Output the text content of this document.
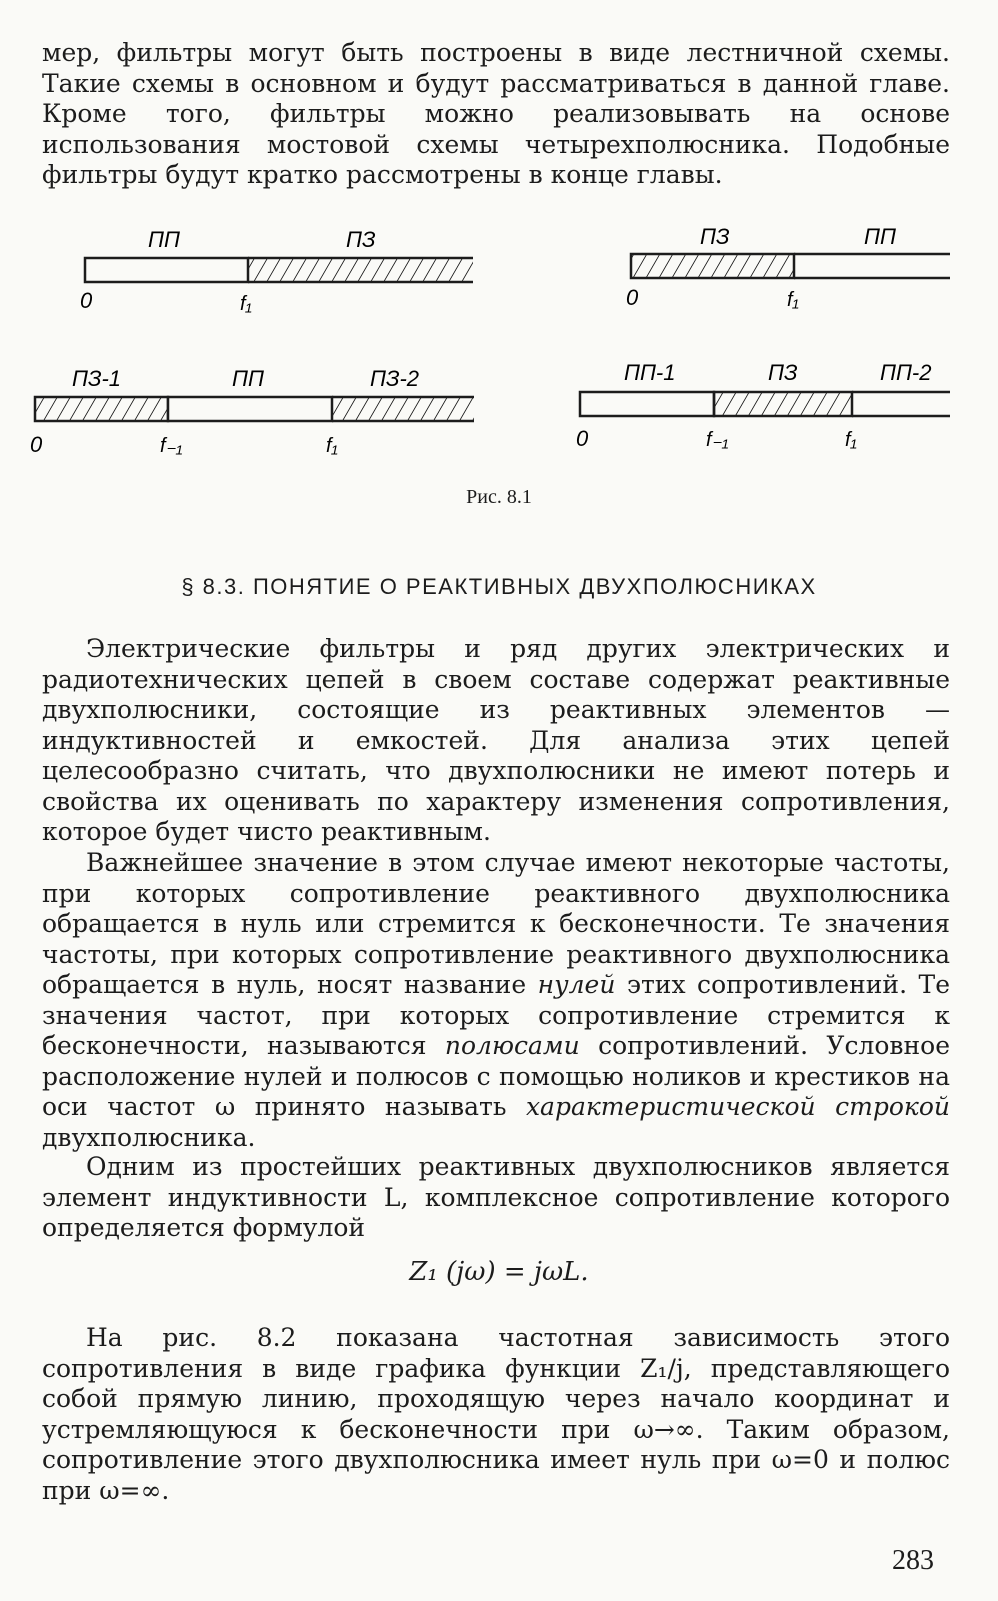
мер, фильтры могут быть построены в виде лестничной схемы. Такие схемы в основном и будут рассматриваться в данной главе. Кроме того, фильтры можно реализовывать на основе использования мостовой схемы четырехполюсника. Подобные фильтры будут кратко рассмотрены в конце главы.

ПП	ПЗ
0	f₁
ПЗ	ПП
0	f₁
ПЗ-1	ПП	ПЗ-2
0	f₋₁	f₁
ПП-1	ПЗ	ПП-2
0	f₋₁	f₁
Рис. 8.1
§ 8.3. ПОНЯТИЕ О РЕАКТИВНЫХ ДВУХПОЛЮСНИКАХ

Электрические фильтры и ряд других электрических и радиотехнических цепей в своем составе содержат реактивные двухполюсники, состоящие из реактивных элементов — индуктивностей и емкостей. Для анализа этих цепей целесообразно считать, что двухполюсники не имеют потерь и свойства их оценивать по характеру изменения сопротивления, которое будет чисто реактивным.

Важнейшее значение в этом случае имеют некоторые частоты, при которых сопротивление реактивного двухполюсника обращается в нуль или стремится к бесконечности. Те значения частоты, при которых сопротивление реактивного двухполюсника обращается в нуль, носят название нулей этих сопротивлений. Те значения частот, при которых сопротивление стремится к бесконечности, называются полюсами сопротивлений. Условное расположение нулей и полюсов с помощью ноликов и крестиков на оси частот ω принято называть характеристической строкой двухполюсника.

Одним из простейших реактивных двухполюсников является элемент индуктивности L, комплексное сопротивление которого определяется формулой

Z₁ (jω) = jωL.

На рис. 8.2 показана частотная зависимость этого сопротивления в виде графика функции Z₁/j, представляющего собой прямую линию, проходящую через начало координат и устремляющуюся к бесконечности при ω→∞. Таким образом, сопротивление этого двухполюсника имеет нуль при ω=0 и полюс при ω=∞.

283
